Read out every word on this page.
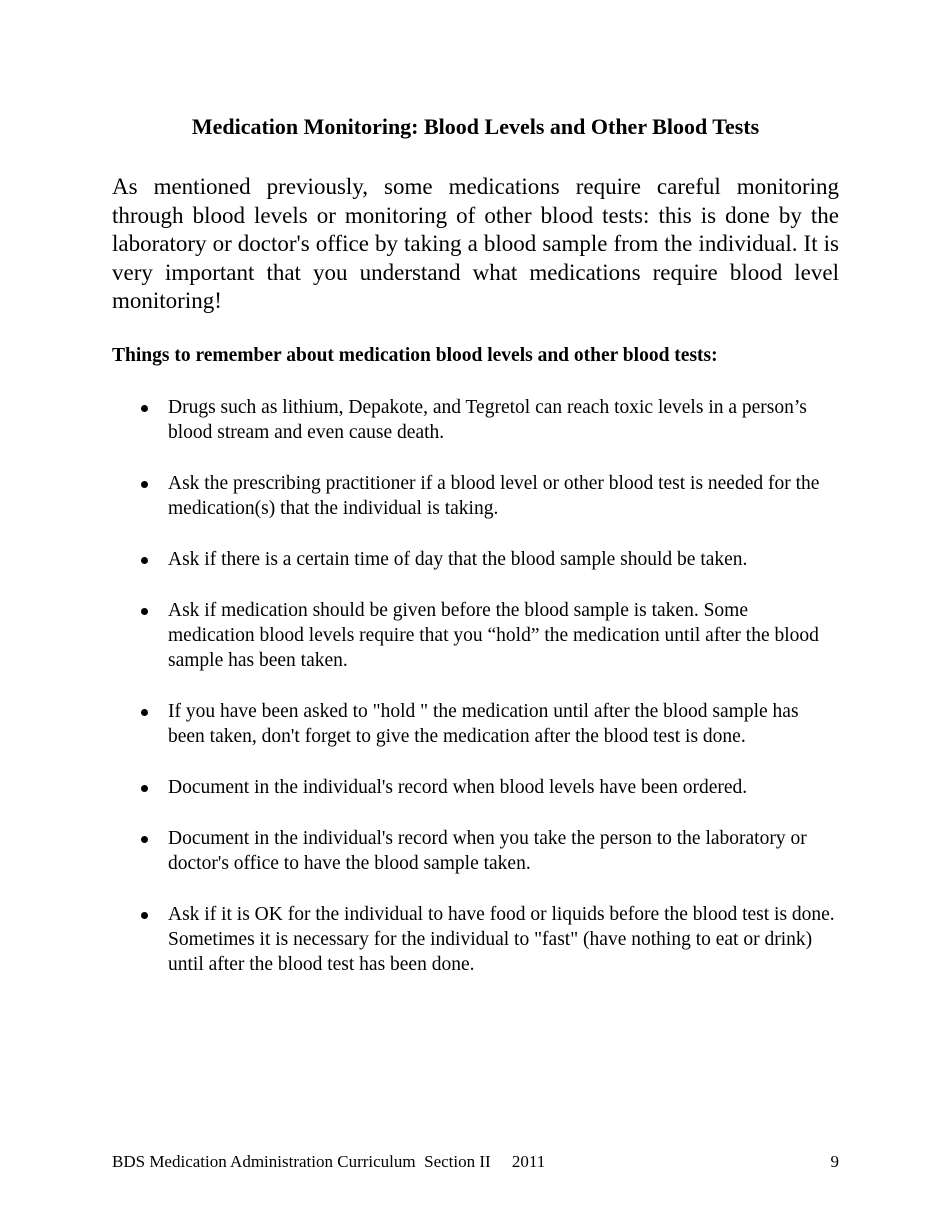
Medication Monitoring: Blood Levels and Other Blood Tests

As mentioned previously, some medications require careful monitoring through blood levels or monitoring of other blood tests: this is done by the laboratory or doctor's office by taking a blood sample from the individual. It is very important that you understand what medications require blood level monitoring!

Things to remember about medication blood levels and other blood tests:

Drugs such as lithium, Depakote, and Tegretol can reach toxic levels in a person’s blood stream and even cause death.
Ask the prescribing practitioner if a blood level or other blood test is needed for the medication(s) that the individual is taking.
Ask if there is a certain time of day that the blood sample should be taken.
Ask if medication should be given before the blood sample is taken. Some medication blood levels require that you “hold” the medication until after the blood sample has been taken.
If you have been asked to "hold " the medication until after the blood sample has been taken, don't forget to give the medication after the blood test is done.
Document in the individual's record when blood levels have been ordered.
Document in the individual's record when you take the person to the laboratory or doctor's office to have the blood sample taken.
Ask if it is OK for the individual to have food or liquids before the blood test is done. Sometimes it is necessary for the individual to "fast" (have nothing to eat or drink) until after the blood test has been done.
BDS Medication Administration Curriculum  Section II     2011	9
